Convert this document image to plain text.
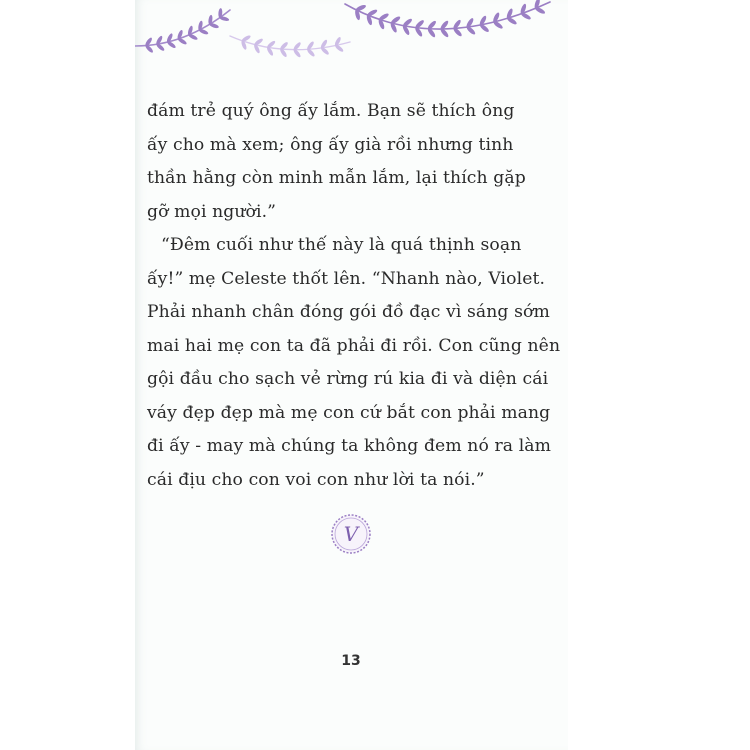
đám trẻ quý ông ấy lắm. Bạn sẽ thích ông
ấy cho mà xem; ông ấy già rồi nhưng tinh
thần hằng còn minh mẫn lắm, lại thích gặp
gỡ mọi người.”
“Đêm cuối như thế này là quá thịnh soạn
ấy!” mẹ Celeste thốt lên. “Nhanh nào, Violet.
Phải nhanh chân đóng gói đồ đạc vì sáng sớm
mai hai mẹ con ta đã phải đi rồi. Con cũng nên
gội đầu cho sạch vẻ rừng rú kia đi và diện cái
váy đẹp đẹp mà mẹ con cứ bắt con phải mang
đi ấy - may mà chúng ta không đem nó ra làm
cái địu cho con voi con như lời ta nói.”
V
13
